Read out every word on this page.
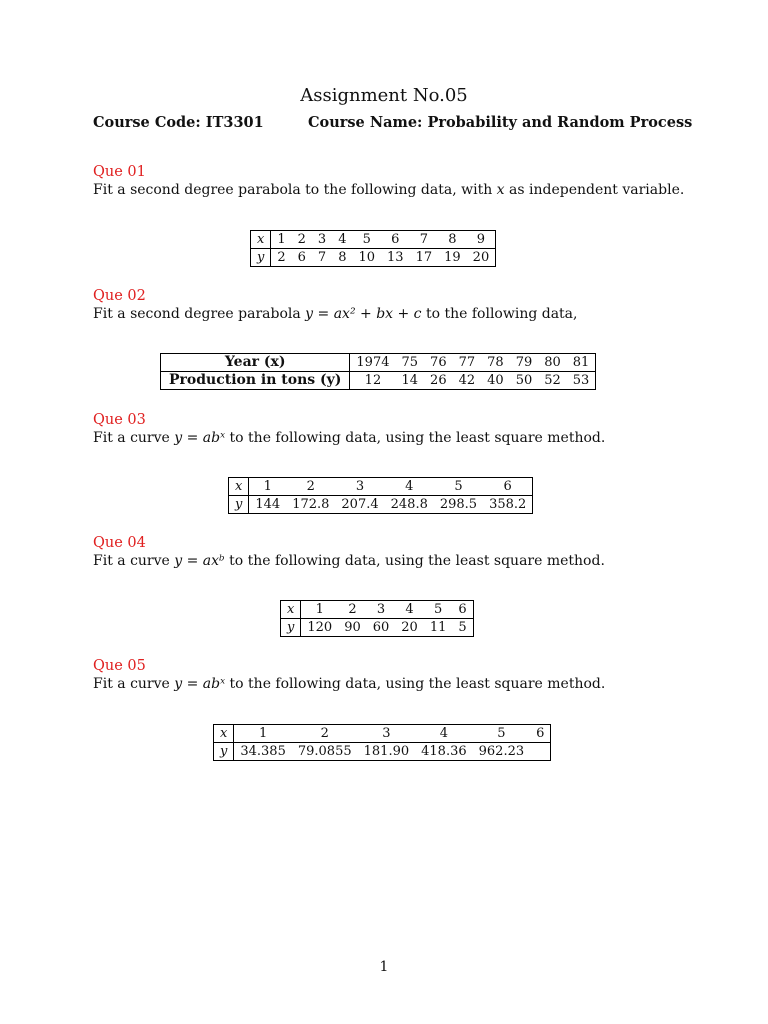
Assignment No.05
Course Code: IT3301	Course Name: Probability and Random Process

Que 01

Fit a second degree parabola to the following data, with x as independent variable.

x	1	2	3	4	5	6	7	8	9
y	2	6	7	8	10	13	17	19	20

Que 02

Fit a second degree parabola y = ax² + bx + c to the following data,

Year (x)	1974	75	76	77	78	79	80	81
Production in tons (y)	12	14	26	42	40	50	52	53

Que 03

Fit a curve y = abˣ to the following data, using the least square method.

x	1	2	3	4	5	6
y	144	172.8	207.4	248.8	298.5	358.2

Que 04

Fit a curve y = axᵇ to the following data, using the least square method.

x	1	2	3	4	5	6
y	120	90	60	20	11	5

Que 05

Fit a curve y = abˣ to the following data, using the least square method.

x	1	2	3	4	5	6
y	34.385	79.0855	181.90	418.36	962.23	
1
